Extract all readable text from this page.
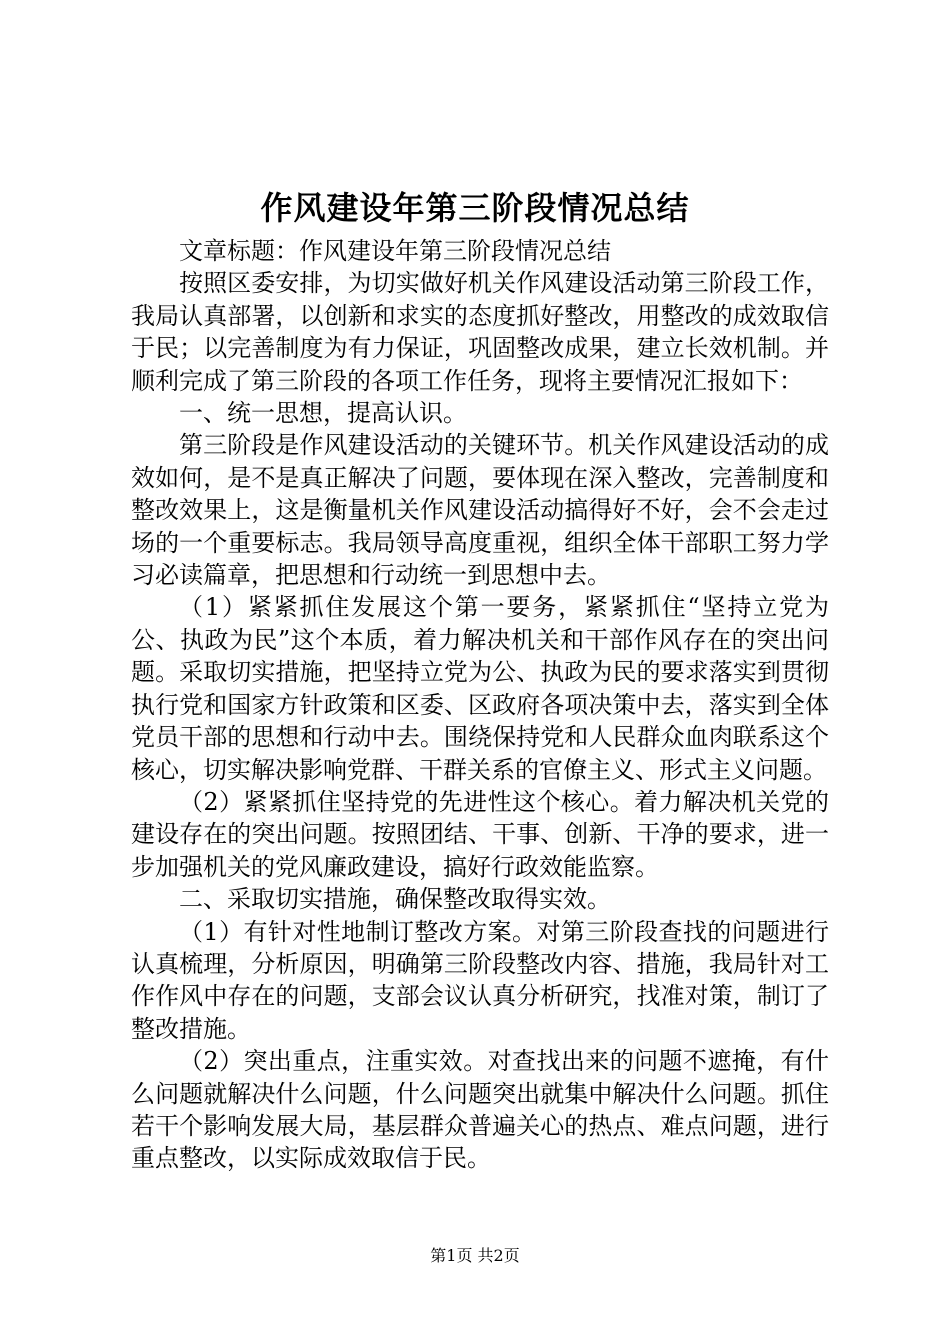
作风建设年第三阶段情况总结

文章标题：作风建设年第三阶段情况总结

按照区委安排，为切实做好机关作风建设活动第三阶段工作，我局认真部署，以创新和求实的态度抓好整改，用整改的成效取信于民；以完善制度为有力保证，巩固整改成果，建立长效机制。并顺利完成了第三阶段的各项工作任务，现将主要情况汇报如下：

一、统一思想，提高认识。

第三阶段是作风建设活动的关键环节。机关作风建设活动的成效如何，是不是真正解决了问题，要体现在深入整改，完善制度和整改效果上，这是衡量机关作风建设活动搞得好不好，会不会走过场的一个重要标志。我局领导高度重视，组织全体干部职工努力学习必读篇章，把思想和行动统一到思想中去。

（1）紧紧抓住发展这个第一要务，紧紧抓住“坚持立党为公、执政为民”这个本质，着力解决机关和干部作风存在的突出问题。采取切实措施，把坚持立党为公、执政为民的要求落实到贯彻执行党和国家方针政策和区委、区政府各项决策中去，落实到全体党员干部的思想和行动中去。围绕保持党和人民群众血肉联系这个核心，切实解决影响党群、干群关系的官僚主义、形式主义问题。

（2）紧紧抓住坚持党的先进性这个核心。着力解决机关党的建设存在的突出问题。按照团结、干事、创新、干净的要求，进一步加强机关的党风廉政建设，搞好行政效能监察。

二、采取切实措施，确保整改取得实效。

（1）有针对性地制订整改方案。对第三阶段查找的问题进行认真梳理，分析原因，明确第三阶段整改内容、措施，我局针对工作作风中存在的问题，支部会议认真分析研究，找准对策，制订了整改措施。

（2）突出重点，注重实效。对查找出来的问题不遮掩，有什么问题就解决什么问题，什么问题突出就集中解决什么问题。抓住若干个影响发展大局，基层群众普遍关心的热点、难点问题，进行重点整改，以实际成效取信于民。

第1页 共2页
